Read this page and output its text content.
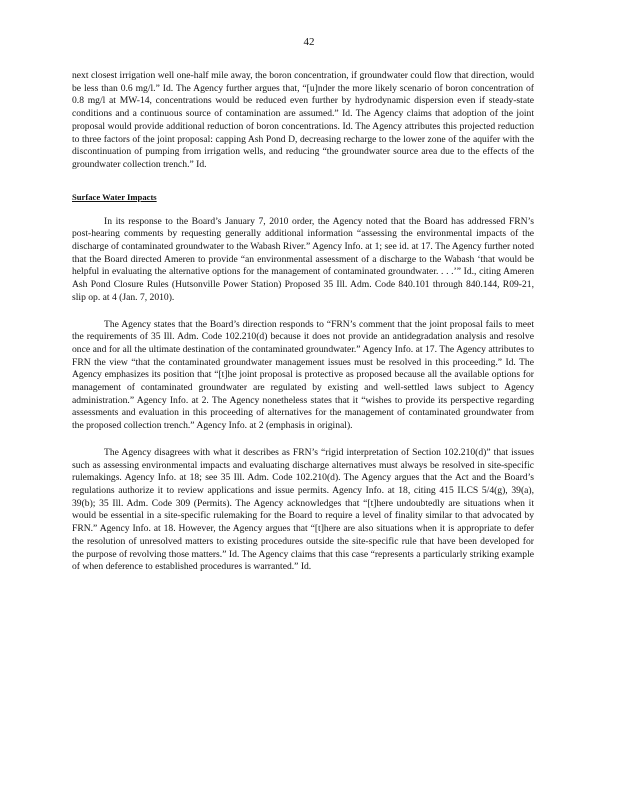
42

next closest irrigation well one-half mile away, the boron concentration, if groundwater could flow that direction, would be less than 0.6 mg/l.” Id. The Agency further argues that, “[u]nder the more likely scenario of boron concentration of 0.8 mg/l at MW-14, concentrations would be reduced even further by hydrodynamic dispersion even if steady-state conditions and a continuous source of contamination are assumed.” Id. The Agency claims that adoption of the joint proposal would provide additional reduction of boron concentrations. Id. The Agency attributes this projected reduction to three factors of the joint proposal: capping Ash Pond D, decreasing recharge to the lower zone of the aquifer with the discontinuation of pumping from irrigation wells, and reducing “the groundwater source area due to the effects of the groundwater collection trench.” Id.

Surface Water Impacts

In its response to the Board’s January 7, 2010 order, the Agency noted that the Board has addressed FRN’s post-hearing comments by requesting generally additional information “assessing the environmental impacts of the discharge of contaminated groundwater to the Wabash River.” Agency Info. at 1; see id. at 17. The Agency further noted that the Board directed Ameren to provide “an environmental assessment of a discharge to the Wabash ‘that would be helpful in evaluating the alternative options for the management of contaminated groundwater. . . .’” Id., citing Ameren Ash Pond Closure Rules (Hutsonville Power Station) Proposed 35 Ill. Adm. Code 840.101 through 840.144, R09-21, slip op. at 4 (Jan. 7, 2010).

The Agency states that the Board’s direction responds to “FRN’s comment that the joint proposal fails to meet the requirements of 35 Ill. Adm. Code 102.210(d) because it does not provide an antidegradation analysis and resolve once and for all the ultimate destination of the contaminated groundwater.” Agency Info. at 17. The Agency attributes to FRN the view “that the contaminated groundwater management issues must be resolved in this proceeding.” Id. The Agency emphasizes its position that “[t]he joint proposal is protective as proposed because all the available options for management of contaminated groundwater are regulated by existing and well-settled laws subject to Agency administration.” Agency Info. at 2. The Agency nonetheless states that it “wishes to provide its perspective regarding assessments and evaluation in this proceeding of alternatives for the management of contaminated groundwater from the proposed collection trench.” Agency Info. at 2 (emphasis in original).

The Agency disagrees with what it describes as FRN’s “rigid interpretation of Section 102.210(d)” that issues such as assessing environmental impacts and evaluating discharge alternatives must always be resolved in site-specific rulemakings. Agency Info. at 18; see 35 Ill. Adm. Code 102.210(d). The Agency argues that the Act and the Board’s regulations authorize it to review applications and issue permits. Agency Info. at 18, citing 415 ILCS 5/4(g), 39(a), 39(b); 35 Ill. Adm. Code 309 (Permits). The Agency acknowledges that “[t]here undoubtedly are situations when it would be essential in a site-specific rulemaking for the Board to require a level of finality similar to that advocated by FRN.” Agency Info. at 18. However, the Agency argues that “[t]here are also situations when it is appropriate to defer the resolution of unresolved matters to existing procedures outside the site-specific rule that have been developed for the purpose of revolving those matters.” Id. The Agency claims that this case “represents a particularly striking example of when deference to established procedures is warranted.” Id.
